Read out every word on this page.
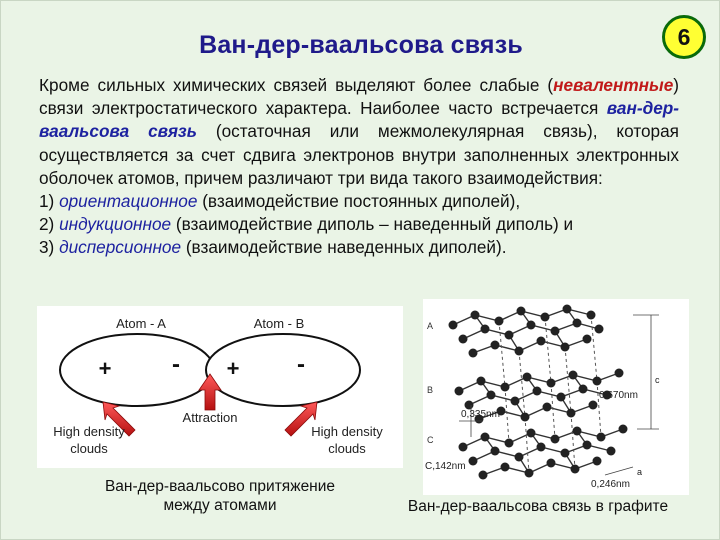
Ван-дер-ваальсова связь	6

Кроме сильных химических связей выделяют более слабые (невалентные) связи электростатического характера. Наиболее часто встречается ван-дер-ваальсова связь (остаточная или межмолекулярная связь), которая осуществляется за счет сдвига электронов внутри заполненных электронных оболочек атомов, причем различают три вида такого взаимодействия:

1) ориентационное (взаимодействие постоянных диполей),

2) индукционное (взаимодействие диполь – наведенный диполь) и

3) дисперсионное (взаимодействие наведенных диполей).

Atom - A	Atom - B
+	- + -
Attraction
High density
clouds
High density
clouds
Ван-дер-ваальсово притяжение
между атомами
A
B
C
0,335nm
c
0,670nm
C,142nm	a
0,246nm
Ван-дер-ваальсова связь в графите
